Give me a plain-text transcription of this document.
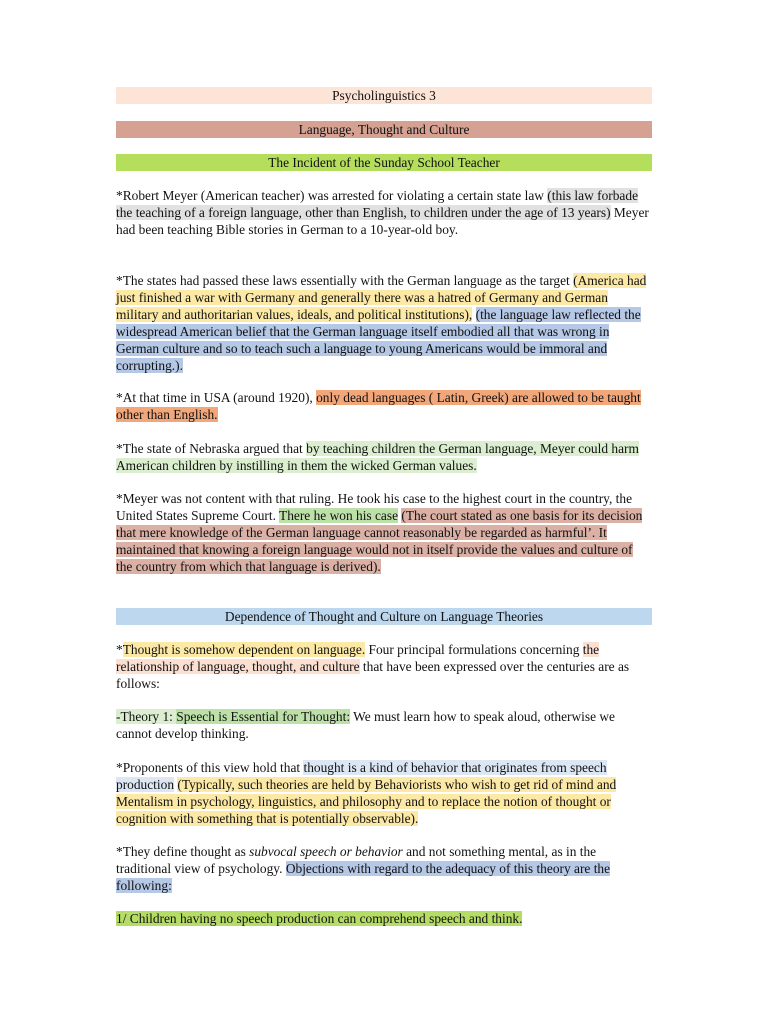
Psycholinguistics 3
Language, Thought and Culture
The Incident of the Sunday School Teacher

*Robert Meyer (American teacher) was arrested for violating a certain state law (this law forbade the teaching of a foreign language, other than English, to children under the age of 13 years) Meyer had been teaching Bible stories in German to a 10-year-old boy.

*The states had passed these laws essentially with the German language as the target (America had just finished a war with Germany and generally there was a hatred of Germany and German military and authoritarian values, ideals, and political institutions), (the language law reflected the widespread American belief that the German language itself embodied all that was wrong in German culture and so to teach such a language to young Americans would be immoral and corrupting.).

*At that time in USA (around 1920), only dead languages ( Latin, Greek) are allowed to be taught other than English.

*The state of Nebraska argued that by teaching children the German language, Meyer could harm American children by instilling in them the wicked German values.

*Meyer was not content with that ruling. He took his case to the highest court in the country, the United States Supreme Court. There he won his case (The court stated as one basis for its decision that mere knowledge of the German language cannot reasonably be regarded as harmful’. It maintained that knowing a foreign language would not in itself provide the values and culture of the country from which that language is derived).

Dependence of Thought and Culture on Language Theories

*Thought is somehow dependent on language. Four principal formulations concerning the relationship of language, thought, and culture that have been expressed over the centuries are as follows:

-Theory 1: Speech is Essential for Thought: We must learn how to speak aloud, otherwise we cannot develop thinking.

*Proponents of this view hold that thought is a kind of behavior that originates from speech production (Typically, such theories are held by Behaviorists who wish to get rid of mind and Mentalism in psychology, linguistics, and philosophy and to replace the notion of thought or cognition with something that is potentially observable).

*They define thought as subvocal speech or behavior and not something mental, as in the traditional view of psychology. Objections with regard to the adequacy of this theory are the following:

1/ Children having no speech production can comprehend speech and think.
